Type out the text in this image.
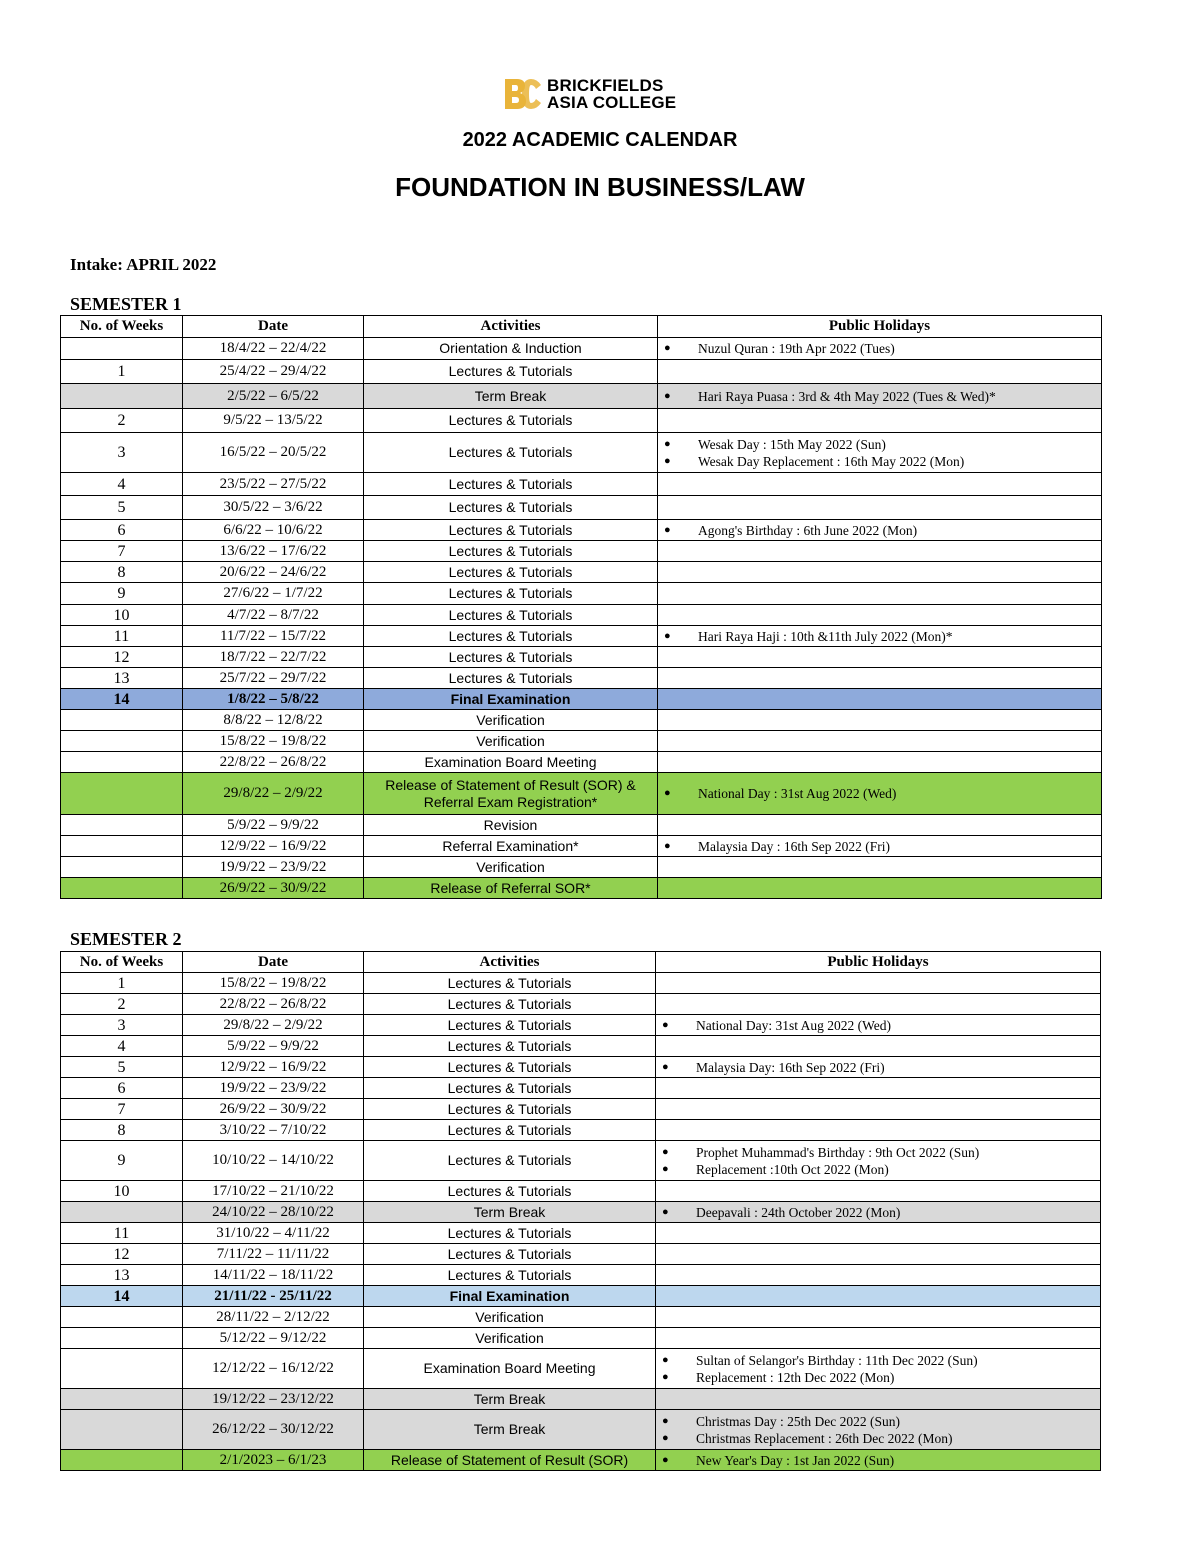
BRICKFIELDS
ASIA COLLEGE
2022 ACADEMIC CALENDAR
FOUNDATION IN BUSINESS/LAW
Intake: APRIL 2022
SEMESTER 1
No. of Weeks	Date	Activities	Public Holidays
	18/4/22 – 22/4/22	Orientation & Induction	● Nuzul Quran : 19th Apr 2022 (Tues)

1	25/4/22 – 29/4/22	Lectures & Tutorials	
	2/5/22 – 6/5/22	Term Break	● Hari Raya Puasa : 3rd & 4th May 2022 (Tues & Wed)*

2	9/5/22 – 13/5/22	Lectures & Tutorials	
3	16/5/22 – 20/5/22	Lectures & Tutorials	● Wesak Day : 15th May 2022 (Sun)
● Wesak Day Replacement : 16th May 2022 (Mon)

4	23/5/22 – 27/5/22	Lectures & Tutorials	
5	30/5/22 – 3/6/22	Lectures & Tutorials	
6	6/6/22 – 10/6/22	Lectures & Tutorials	● Agong's Birthday : 6th June 2022 (Mon)

7	13/6/22 – 17/6/22	Lectures & Tutorials	
8	20/6/22 – 24/6/22	Lectures & Tutorials	
9	27/6/22 – 1/7/22	Lectures & Tutorials	
10	4/7/22 – 8/7/22	Lectures & Tutorials	
11	11/7/22 – 15/7/22	Lectures & Tutorials	● Hari Raya Haji : 10th &11th July 2022 (Mon)*

12	18/7/22 – 22/7/22	Lectures & Tutorials	
13	25/7/22 – 29/7/22	Lectures & Tutorials	
14	1/8/22 – 5/8/22	Final Examination	
	8/8/22 – 12/8/22	Verification	
	15/8/22 – 19/8/22	Verification	
	22/8/22 – 26/8/22	Examination Board Meeting	
	29/8/22 – 2/9/22	Release of Statement of Result (SOR) & Referral Exam Registration*	● National Day : 31st Aug 2022 (Wed)

	5/9/22 – 9/9/22	Revision	
	12/9/22 – 16/9/22	Referral Examination*	● Malaysia Day : 16th Sep 2022 (Fri)

	19/9/22 – 23/9/22	Verification	
	26/9/22 – 30/9/22	Release of Referral SOR*	
SEMESTER 2
No. of Weeks	Date	Activities	Public Holidays
1	15/8/22 – 19/8/22	Lectures & Tutorials	
2	22/8/22 – 26/8/22	Lectures & Tutorials	
3	29/8/22 – 2/9/22	Lectures & Tutorials	● National Day: 31st Aug 2022 (Wed)

4	5/9/22 – 9/9/22	Lectures & Tutorials	
5	12/9/22 – 16/9/22	Lectures & Tutorials	● Malaysia Day: 16th Sep 2022 (Fri)

6	19/9/22 – 23/9/22	Lectures & Tutorials	
7	26/9/22 – 30/9/22	Lectures & Tutorials	
8	3/10/22 – 7/10/22	Lectures & Tutorials	
9	10/10/22 – 14/10/22	Lectures & Tutorials	● Prophet Muhammad's Birthday : 9th Oct 2022 (Sun)
● Replacement :10th Oct 2022 (Mon)

10	17/10/22 – 21/10/22	Lectures & Tutorials	
	24/10/22 – 28/10/22	Term Break	● Deepavali : 24th October 2022 (Mon)

11	31/10/22 – 4/11/22	Lectures & Tutorials	
12	7/11/22 – 11/11/22	Lectures & Tutorials	
13	14/11/22 – 18/11/22	Lectures & Tutorials	
14	21/11/22 - 25/11/22	Final Examination	
	28/11/22 – 2/12/22	Verification	
	5/12/22 – 9/12/22	Verification	
	12/12/22 – 16/12/22	Examination Board Meeting	● Sultan of Selangor's Birthday : 11th Dec 2022 (Sun)
● Replacement : 12th Dec 2022 (Mon)

	19/12/22 – 23/12/22	Term Break	
	26/12/22 – 30/12/22	Term Break	● Christmas Day : 25th Dec 2022 (Sun)
● Christmas Replacement : 26th Dec 2022 (Mon)

	2/1/2023 – 6/1/23	Release of Statement of Result (SOR)	● New Year's Day : 1st Jan 2022 (Sun)
